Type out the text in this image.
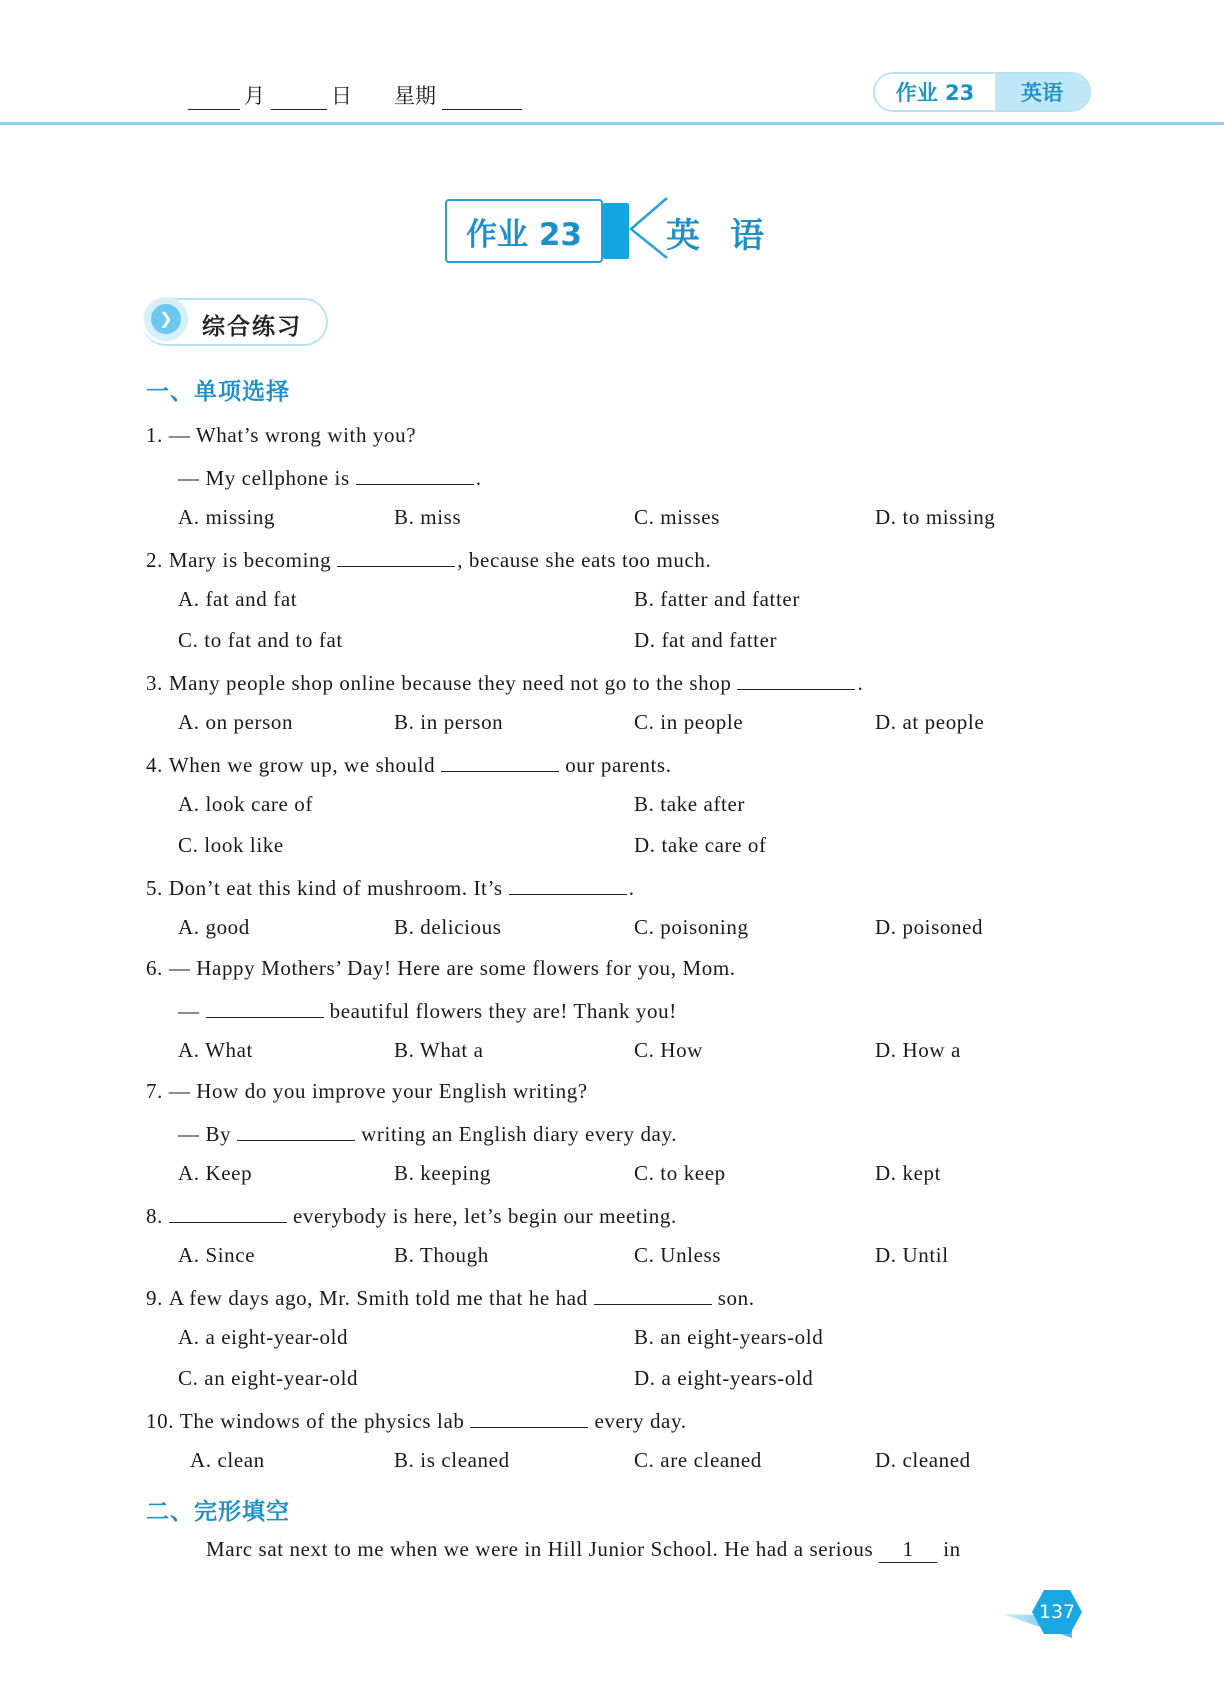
月	日 星期	作业 23	英语
作业 23	英语
❯	综合练习
一、单项选择
1. — What’s wrong with you?
— My cellphone is	.
A. missing	B. miss	C. misses	D. to missing
2. Mary is becoming	, because she eats too much.
A. fat and fat	B. fatter and fatter
C. to fat and to fat	D. fat and fatter
3. Many people shop online because they need not go to the shop	.
A. on person	B. in person	C. in people	D. at people
4. When we grow up, we should	our parents.
A. look care of	B. take after
C. look like	D. take care of
5. Don’t eat this kind of mushroom. It’s	.
A. good	B. delicious	C. poisoning	D. poisoned
6. — Happy Mothers’ Day! Here are some flowers for you, Mom.
—	beautiful flowers they are! Thank you!
A. What	B. What a	C. How	D. How a
7. — How do you improve your English writing?
— By	writing an English diary every day.
A. Keep	B. keeping	C. to keep	D. kept
8.	everybody is here, let’s begin our meeting.
A. Since	B. Though	C. Unless	D. Until
9. A few days ago, Mr. Smith told me that he had	son.
A. a eight-year-old	B. an eight-years-old
C. an eight-year-old	D. a eight-years-old
10. The windows of the physics lab	every day.
A. clean	B. is cleaned	C. are cleaned	D. cleaned
二、完形填空
Marc sat next to me when we were in Hill Junior School. He had a serious 1 in
137
